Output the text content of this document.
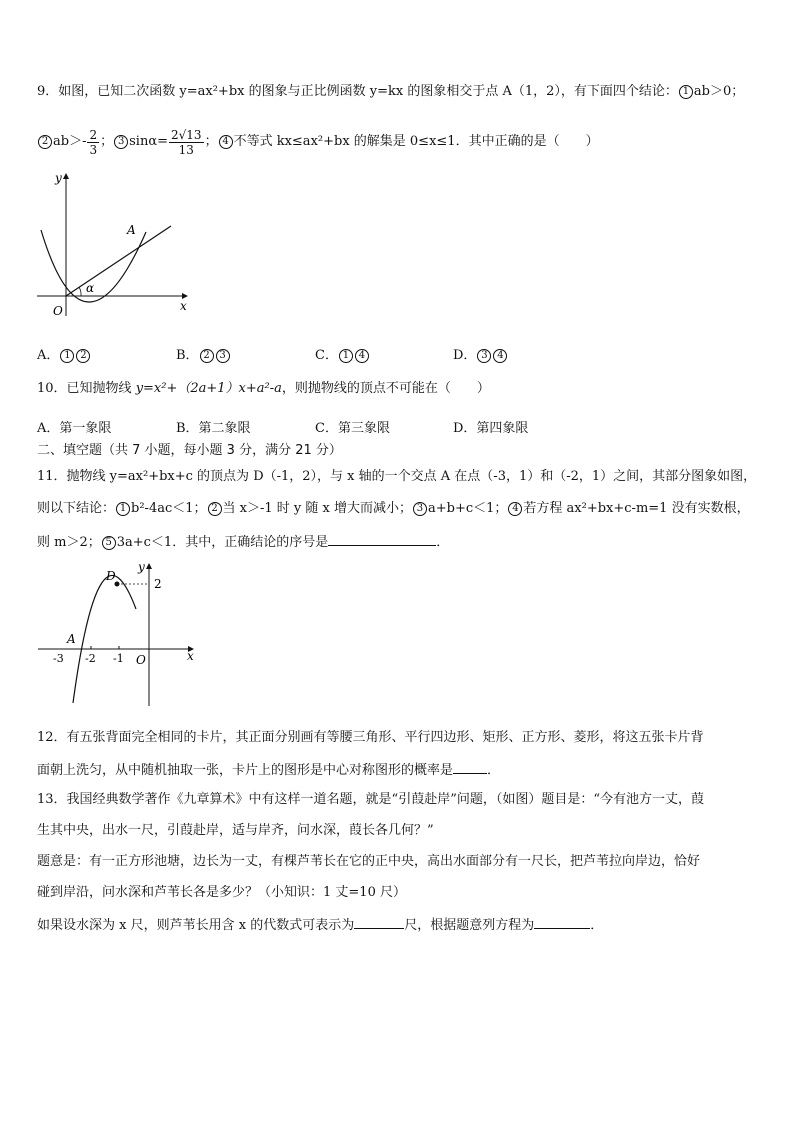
9．如图，已知二次函数 y=ax²+bx 的图象与正比例函数 y=kx 的图象相交于点 A（1，2），有下面四个结论： 1 ab＞0；
2 $ab>- \frac{2}{3}$ ； 3 $\sin\alpha= \frac{2√13}{13}$ ； 4 不等式 kx≤ax²+bx 的解集是 0≤x≤1．其中正确的是（　　）
y
x
O
A
α
A． 1 2	B． 2 3	C． 1 4	D． 3 4
10．已知抛物线 y=x²+（2a+1）x+a²-a，则抛物线的顶点不可能在（　　）
A．第一象限	B．第二象限	C．第三象限	D．第四象限
二、填空题（共 7 小题，每小题 3 分，满分 21 分）
11．抛物线 y=ax²+bx+c 的顶点为 D（-1，2），与 x 轴的一个交点 A 在点（-3，1）和（-2，1）之间，其部分图象如图，
则以下结论： 1 b²-4ac＜1； 2 当 x＞-1 时 y 随 x 增大而减小； 3 a+b+c＜1； 4 若方程 ax²+bx+c-m=1 没有实数根，
则 m＞2； 5 3a+c＜1．其中，正确结论的序号是	．
y
x
O
D
2
A
-3 -2 -1
12．有五张背面完全相同的卡片，其正面分别画有等腰三角形、平行四边形、矩形、正方形、菱形，将这五张卡片背
面朝上洗匀，从中随机抽取一张，卡片上的图形是中心对称图形的概率是	．
13．我国经典数学著作《九章算术》中有这样一道名题，就是“引葭赴岸”问题，（如图）题目是：“今有池方一丈，葭
生其中央，出水一尺，引葭赴岸，适与岸齐，问水深，葭长各几何？”
题意是：有一正方形池塘，边长为一丈，有棵芦苇长在它的正中央，高出水面部分有一尺长，把芦苇拉向岸边，恰好
碰到岸沿，问水深和芦苇长各是多少？（小知识：1 丈=10 尺）
如果设水深为 x 尺，则芦苇长用含 x 的代数式可表示为	尺，根据题意列方程为	．
